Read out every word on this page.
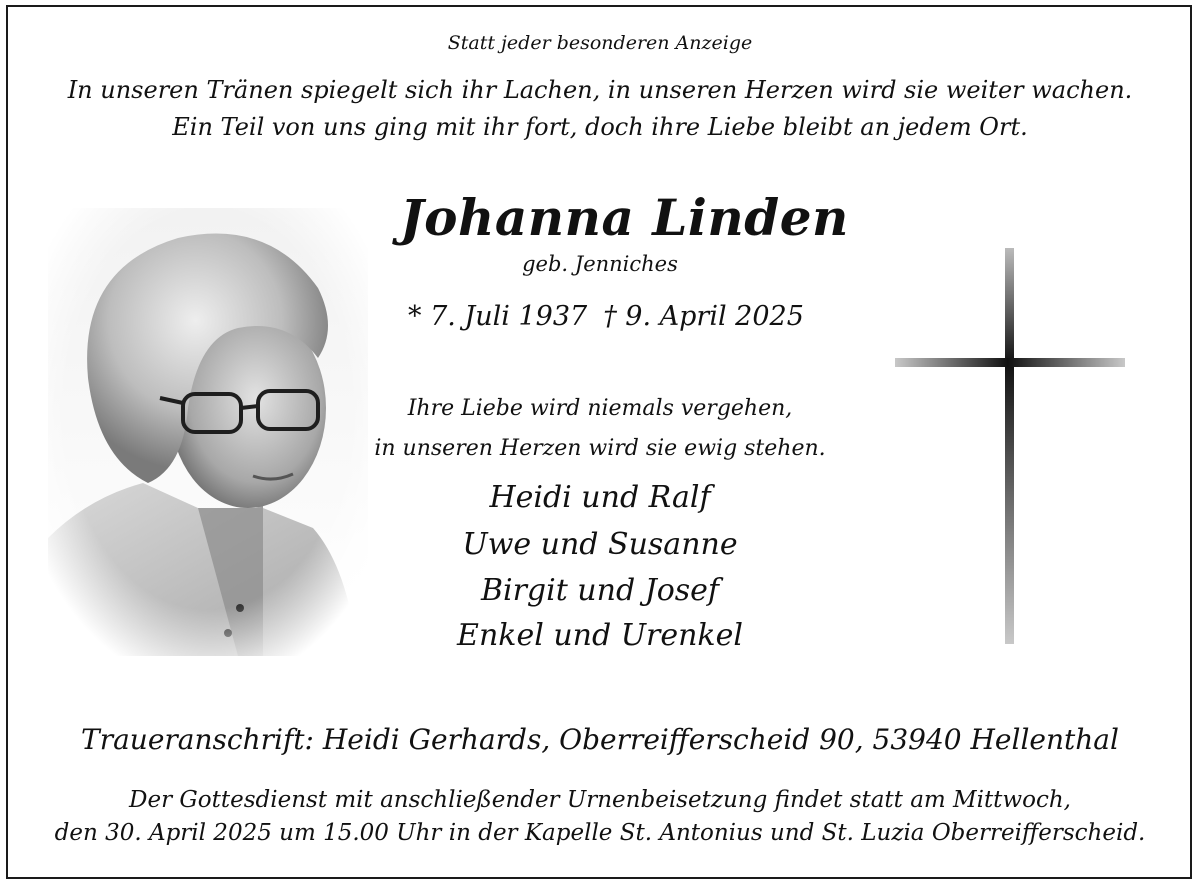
Statt jeder besonderen Anzeige

In unseren Tränen spiegelt sich ihr Lachen, in unseren Herzen wird sie weiter wachen.

Ein Teil von uns ging mit ihr fort, doch ihre Liebe bleibt an jedem Ort.

Johanna Linden

geb. Jenniches

* 7. Juli 1937 † 9. April 2025

Ihre Liebe wird niemals vergehen,

in unseren Herzen wird sie ewig stehen.

Heidi und Ralf

Uwe und Susanne

Birgit und Josef

Enkel und Urenkel

Traueranschrift: Heidi Gerhards, Oberreifferscheid 90, 53940 Hellenthal

Der Gottesdienst mit anschließender Urnenbeisetzung findet statt am Mittwoch,

den 30. April 2025 um 15.00 Uhr in der Kapelle St. Antonius und St. Luzia Oberreifferscheid.
